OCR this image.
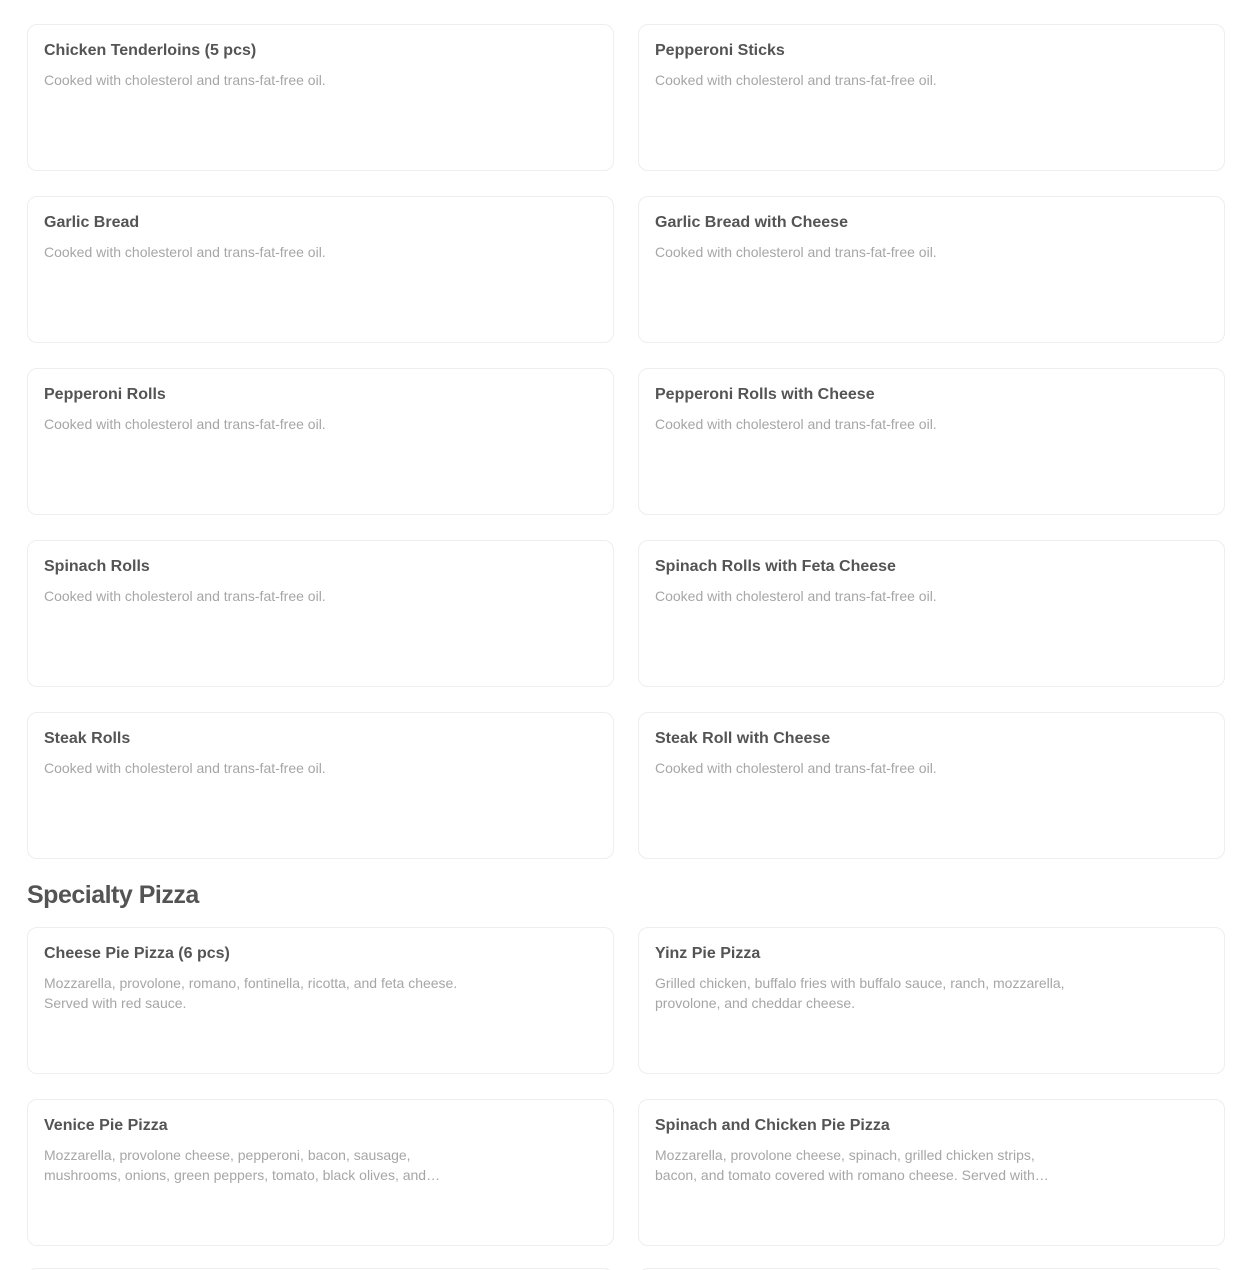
Chicken Tenderloins (5 pcs)
Cooked with cholesterol and trans-fat-free oil.
Pepperoni Sticks
Cooked with cholesterol and trans-fat-free oil.
Garlic Bread
Cooked with cholesterol and trans-fat-free oil.
Garlic Bread with Cheese
Cooked with cholesterol and trans-fat-free oil.
Pepperoni Rolls
Cooked with cholesterol and trans-fat-free oil.
Pepperoni Rolls with Cheese
Cooked with cholesterol and trans-fat-free oil.
Spinach Rolls
Cooked with cholesterol and trans-fat-free oil.
Spinach Rolls with Feta Cheese
Cooked with cholesterol and trans-fat-free oil.
Steak Rolls
Cooked with cholesterol and trans-fat-free oil.
Steak Roll with Cheese
Cooked with cholesterol and trans-fat-free oil.
Specialty Pizza
Cheese Pie Pizza (6 pcs)
Mozzarella, provolone, romano, fontinella, ricotta, and feta cheese. Served with red sauce.
Yinz Pie Pizza
Grilled chicken, buffalo fries with buffalo sauce, ranch, mozzarella, provolone, and cheddar cheese.
Venice Pie Pizza
Mozzarella, provolone cheese, pepperoni, bacon, sausage, mushrooms, onions, green peppers, tomato, black olives, and…
Spinach and Chicken Pie Pizza
Mozzarella, provolone cheese, spinach, grilled chicken strips, bacon, and tomato covered with romano cheese. Served with…
